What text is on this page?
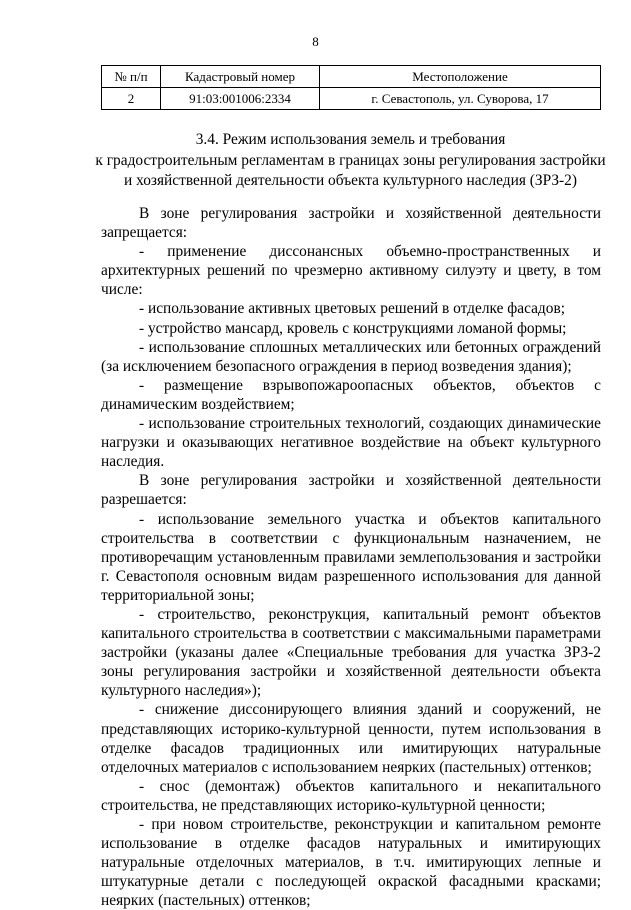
8
№ п/п	Кадастровый номер	Местоположение
2	91:03:001006:2334	г. Севастополь, ул. Суворова, 17
3.4. Режим использования земель и требования
к градостроительным регламентам в границах зоны регулирования застройки
и хозяйственной деятельности объекта культурного наследия (ЗРЗ-2)

В зоне регулирования застройки и хозяйственной деятельности запрещается:

- применение диссонансных объемно-пространственных и архитектурных решений по чрезмерно активному силуэту и цвету, в том числе:

- использование активных цветовых решений в отделке фасадов;

- устройство мансард, кровель с конструкциями ломаной формы;

- использование сплошных металлических или бетонных ограждений (за исключением безопасного ограждения в период возведения здания);

- размещение взрывопожароопасных объектов, объектов с динамическим воздействием;

- использование строительных технологий, создающих динамические нагрузки и оказывающих негативное воздействие на объект культурного наследия.

В зоне регулирования застройки и хозяйственной деятельности разрешается:

- использование земельного участка и объектов капитального строительства в соответствии с функциональным назначением, не противоречащим установленным правилами землепользования и застройки г. Севастополя основным видам разрешенного использования для данной территориальной зоны;

- строительство, реконструкция, капитальный ремонт объектов капитального строительства в соответствии с максимальными параметрами застройки (указаны далее «Специальные требования для участка ЗРЗ-2 зоны регулирования застройки и хозяйственной деятельности объекта культурного наследия»);

- снижение диссонирующего влияния зданий и сооружений, не представляющих историко-культурной ценности, путем использования в отделке фасадов традиционных или имитирующих натуральные отделочных материалов с использованием неярких (пастельных) оттенков;

- снос (демонтаж) объектов капитального и некапитального строительства, не представляющих историко-культурной ценности;

- при новом строительстве, реконструкции и капитальном ремонте использование в отделке фасадов натуральных и имитирующих натуральные отделочных материалов, в т.ч. имитирующих лепные и штукатурные детали с последующей окраской фасадными красками; неярких (пастельных) оттенков;
